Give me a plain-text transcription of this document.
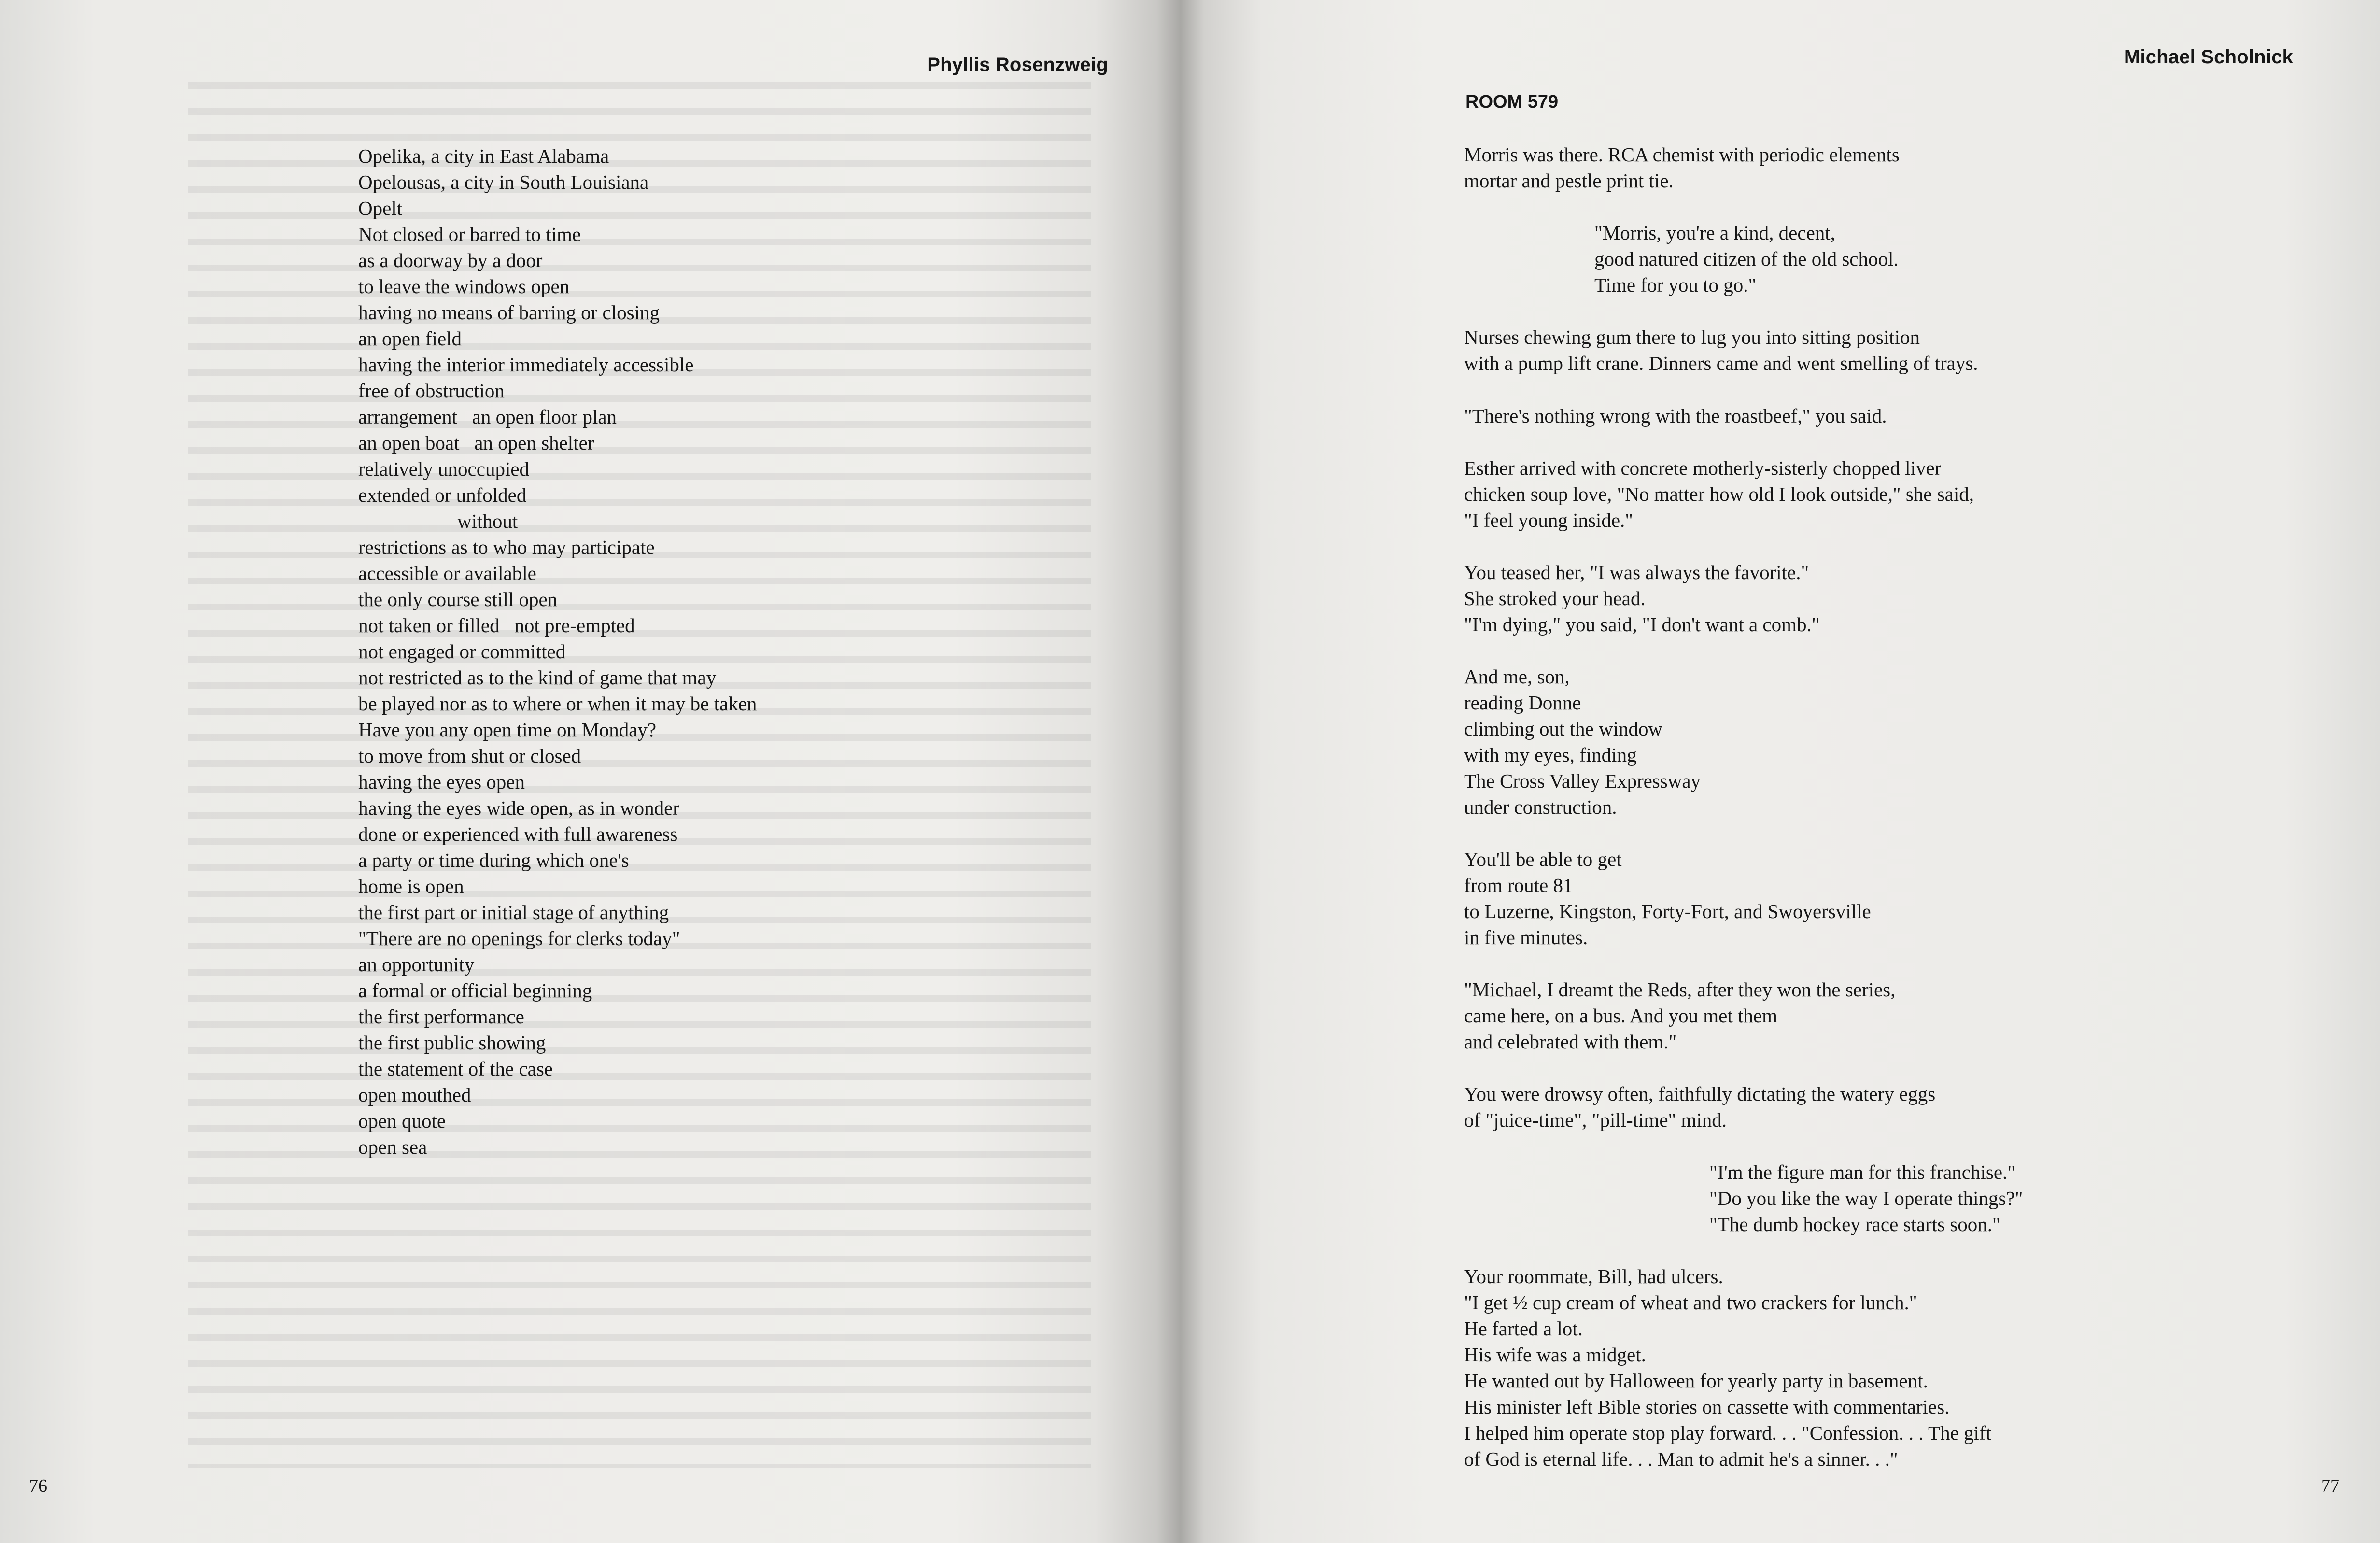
Phyllis Rosenzweig
Opelika, a city in East Alabama
Opelousas, a city in South Louisiana
Opelt
Not closed or barred to time
as a doorway by a door
to leave the windows open
having no means of barring or closing
an open field
having the interior immediately accessible
free of obstruction
arrangement   an open floor plan
an open boat   an open shelter
relatively unoccupied
extended or unfolded
without
restrictions as to who may participate
accessible or available
the only course still open
not taken or filled   not pre-empted
not engaged or committed
not restricted as to the kind of game that may
be played nor as to where or when it may be taken
Have you any open time on Monday?
to move from shut or closed
having the eyes open
having the eyes wide open, as in wonder
done or experienced with full awareness
a party or time during which one's
home is open
the first part or initial stage of anything
"There are no openings for clerks today"
an opportunity
a formal or official beginning
the first performance
the first public showing
the statement of the case
open mouthed
open quote
open sea
76
Michael Scholnick
ROOM 579
Morris was there. RCA chemist with periodic elements
mortar and pestle print tie.
"Morris, you're a kind, decent,
good natured citizen of the old school.
Time for you to go."
Nurses chewing gum there to lug you into sitting position
with a pump lift crane. Dinners came and went smelling of trays.
"There's nothing wrong with the roastbeef," you said.
Esther arrived with concrete motherly-sisterly chopped liver
chicken soup love, "No matter how old I look outside," she said,
"I feel young inside."
You teased her, "I was always the favorite."
She stroked your head.
"I'm dying," you said, "I don't want a comb."
And me, son,
reading Donne
climbing out the window
with my eyes, finding
The Cross Valley Expressway
under construction.
You'll be able to get
from route 81
to Luzerne, Kingston, Forty-Fort, and Swoyersville
in five minutes.
"Michael, I dreamt the Reds, after they won the series,
came here, on a bus. And you met them
and celebrated with them."
You were drowsy often, faithfully dictating the watery eggs
of "juice-time", "pill-time" mind.
"I'm the figure man for this franchise."
"Do you like the way I operate things?"
"The dumb hockey race starts soon."
Your roommate, Bill, had ulcers.
"I get ½ cup cream of wheat and two crackers for lunch."
He farted a lot.
His wife was a midget.
He wanted out by Halloween for yearly party in basement.
His minister left Bible stories on cassette with commentaries.
I helped him operate stop play forward. . . "Confession. . . The gift
of God is eternal life. . . Man to admit he's a sinner. . ."
77
